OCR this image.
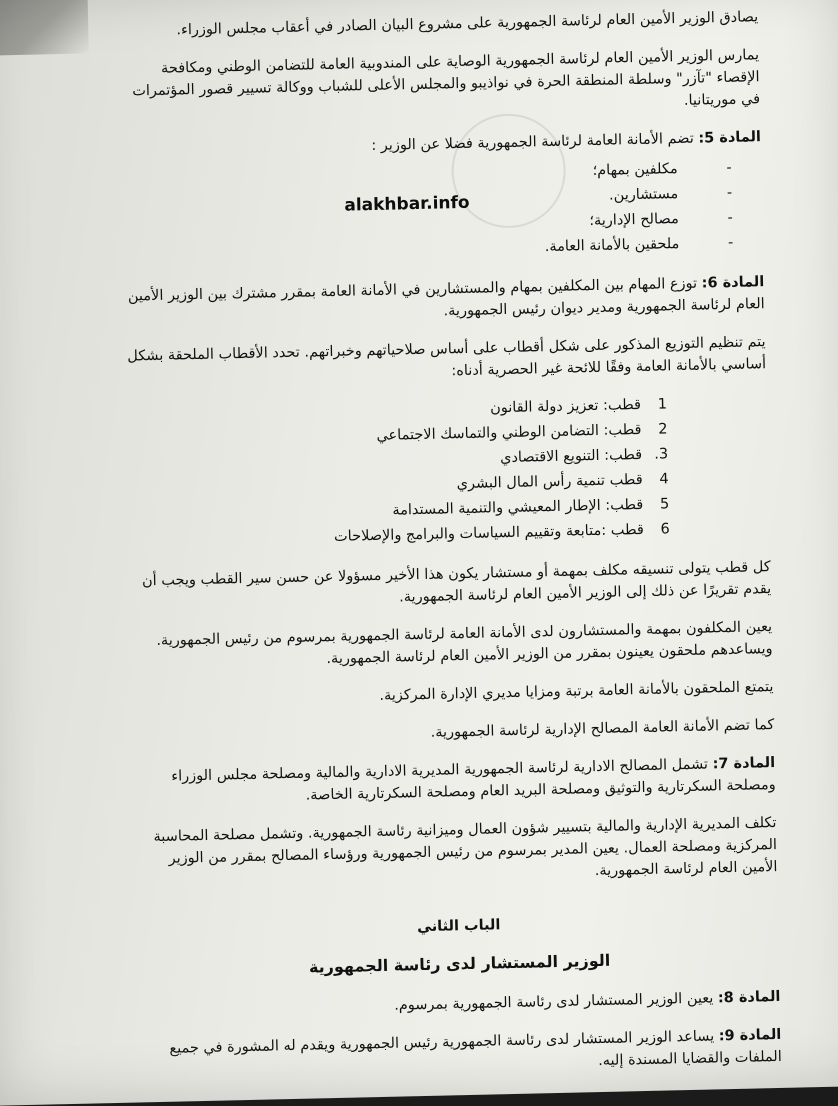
alakhbar.info

يصادق الوزير الأمين العام لرئاسة الجمهورية على مشروع البيان الصادر في أعقاب مجلس الوزراء.

يمارس الوزير الأمين العام لرئاسة الجمهورية الوصاية على المندوبية العامة للتضامن الوطني ومكافحة الإقصاء "تآزر" وسلطة المنطقة الحرة في نواذيبو والمجلس الأعلى للشباب ووكالة تسيير قصور المؤتمرات في موريتانيا.

المادة 5: تضم الأمانة العامة لرئاسة الجمهورية فضلا عن الوزير :

- مكلفين بمهام؛
- مستشارين.
- مصالح الإدارية؛
- ملحقين بالأمانة العامة.

المادة 6: توزع المهام بين المكلفين بمهام والمستشارين في الأمانة العامة بمقرر مشترك بين الوزير الأمين العام لرئاسة الجمهورية ومدير ديوان رئيس الجمهورية.

يتم تنظيم التوزيع المذكور على شكل أقطاب على أساس صلاحياتهم وخبراتهم. تحدد الأقطاب الملحقة بشكل أساسي بالأمانة العامة وفقًا للائحة غير الحصرية أدناه:

1
قطب: تعزيز دولة القانون
2
قطب: التضامن الوطني والتماسك الاجتماعي
3.
قطب: التنويع الاقتصادي
4
قطب تنمية رأس المال البشري
5
قطب: الإطار المعيشي والتنمية المستدامة
6
قطب :متابعة وتقييم السياسات والبرامج والإصلاحات

كل قطب يتولى تنسيقه مكلف بمهمة أو مستشار يكون هذا الأخير مسؤولا عن حسن سير القطب ويجب أن يقدم تقريرًا عن ذلك إلى الوزير الأمين العام لرئاسة الجمهورية.

يعين المكلفون بمهمة والمستشارون لدى الأمانة العامة لرئاسة الجمهورية بمرسوم من رئيس الجمهورية. ويساعدهم ملحقون يعينون بمقرر من الوزير الأمين العام لرئاسة الجمهورية.

يتمتع الملحقون بالأمانة العامة برتبة ومزايا مديري الإدارة المركزية.

كما تضم الأمانة العامة المصالح الإدارية لرئاسة الجمهورية.

المادة 7: تشمل المصالح الادارية لرئاسة الجمهورية المديرية الادارية والمالية ومصلحة مجلس الوزراء ومصلحة السكرتارية والتوثيق ومصلحة البريد العام ومصلحة السكرتارية الخاصة.

تكلف المديرية الإدارية والمالية بتسيير شؤون العمال وميزانية رئاسة الجمهورية. وتشمل مصلحة المحاسبة المركزية ومصلحة العمال. يعين المدير بمرسوم من رئيس الجمهورية ورؤساء المصالح بمقرر من الوزير الأمين العام لرئاسة الجمهورية.

الباب الثاني
الوزير المستشار لدى رئاسة الجمهورية

المادة 8: يعين الوزير المستشار لدى رئاسة الجمهورية بمرسوم.

المادة 9: يساعد الوزير المستشار لدى رئاسة الجمهورية رئيس الجمهورية ويقدم له المشورة في جميع الملفات والقضايا المسندة إليه.
